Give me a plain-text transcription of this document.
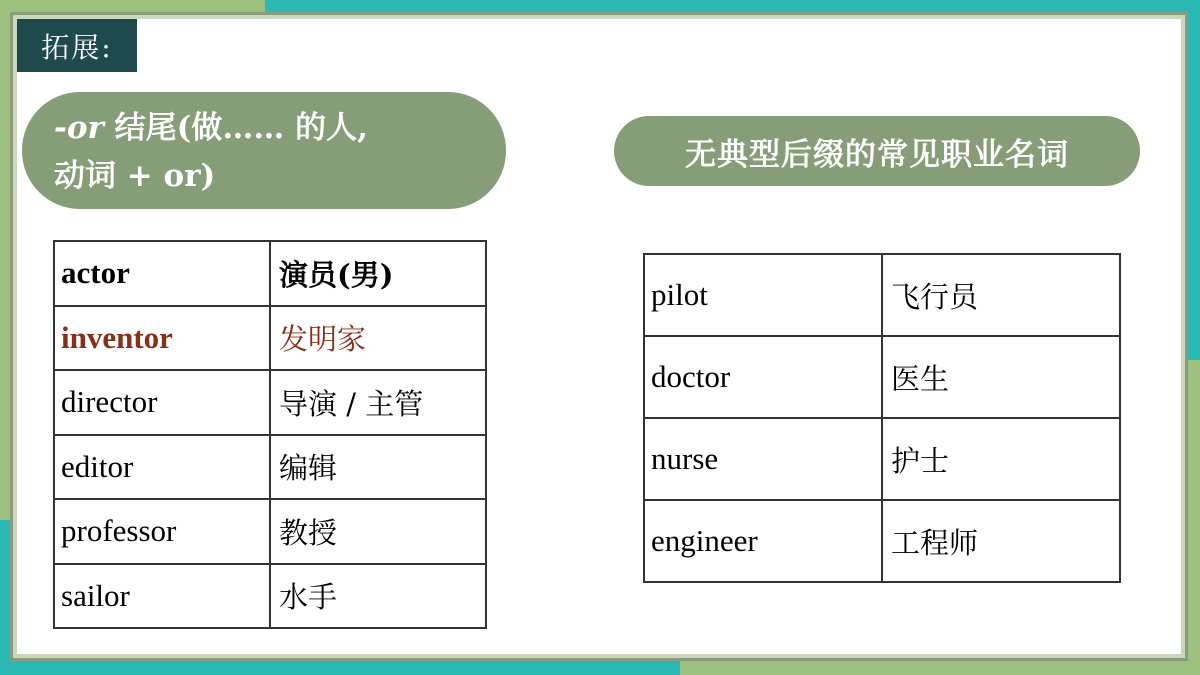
拓展:
-or 结尾(做…… 的人,
动词 + or)
无典型后缀的常见职业名词
actor	演员(男)
inventor	发明家
director	导演 / 主管
editor	编辑
professor	教授
sailor	水手
pilot	飞行员
doctor	医生
nurse	护士
engineer	工程师
